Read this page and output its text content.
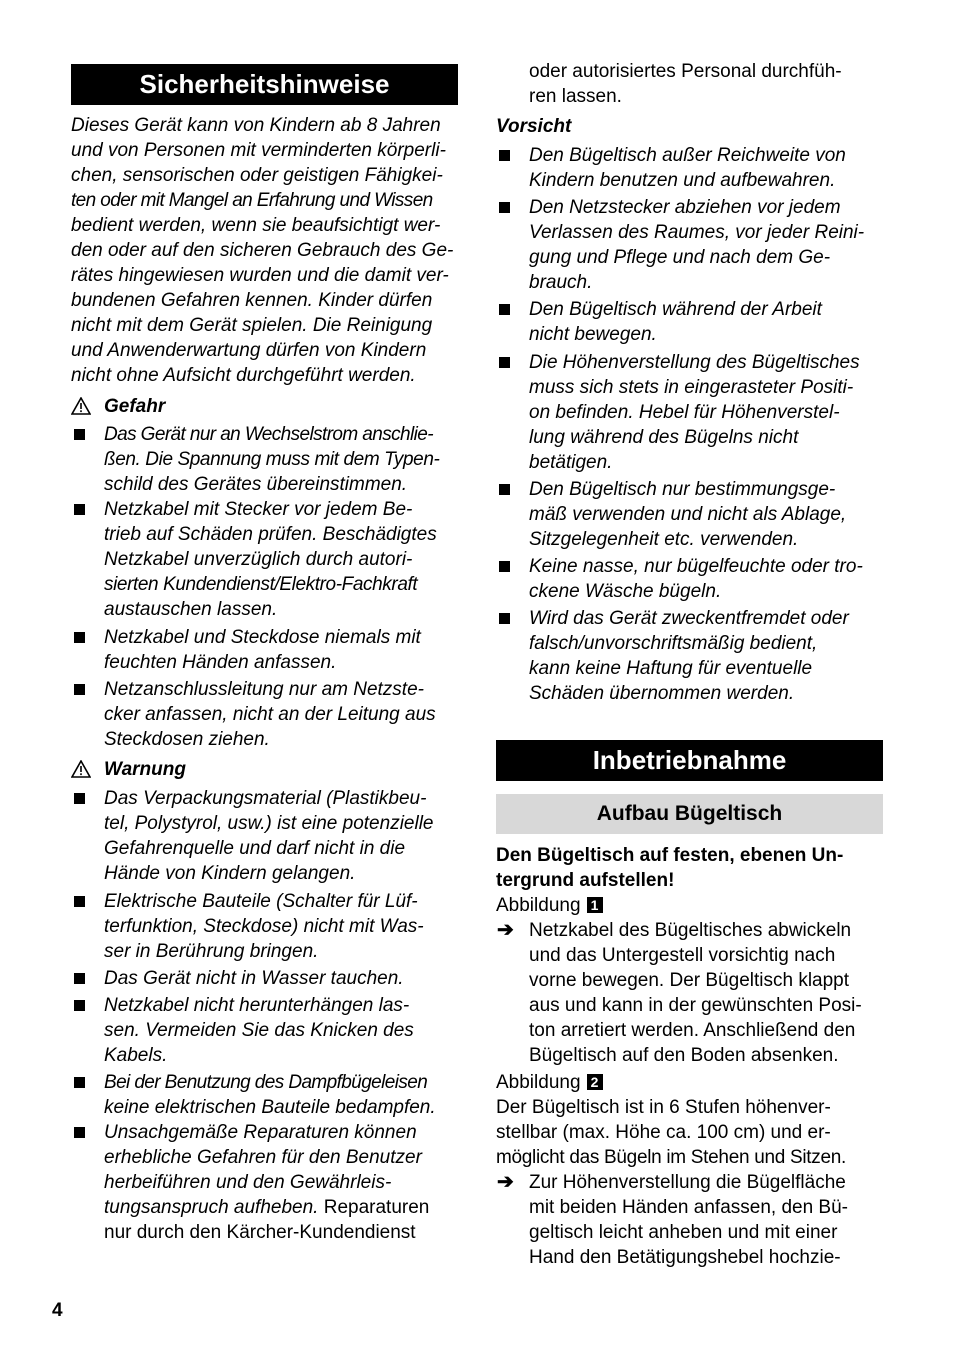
Sicherheitshinweise
Dieses Gerät kann von Kindern ab 8 Jahren
und von Personen mit verminderten körperli-
chen, sensorischen oder geistigen Fähigkei-
ten oder mit Mangel an Erfahrung und Wissen
bedient werden, wenn sie beaufsichtigt wer-
den oder auf den sicheren Gebrauch des Ge-
rätes hingewiesen wurden und die damit ver-
bundenen Gefahren kennen. Kinder dürfen
nicht mit dem Gerät spielen. Die Reinigung
und Anwenderwartung dürfen von Kindern
nicht ohne Aufsicht durchgeführt werden.
Gefahr
Das Gerät nur an Wechselstrom anschlie-
ßen. Die Spannung muss mit dem Typen-
schild des Gerätes übereinstimmen.
Netzkabel mit Stecker vor jedem Be-
trieb auf Schäden prüfen. Beschädigtes
Netzkabel unverzüglich durch autori-
sierten Kundendienst/Elektro-Fachkraft
austauschen lassen.
Netzkabel und Steckdose niemals mit
feuchten Händen anfassen.
Netzanschlussleitung nur am Netzste-
cker anfassen, nicht an der Leitung aus
Steckdosen ziehen.
Warnung
Das Verpackungsmaterial (Plastikbeu-
tel, Polystyrol, usw.) ist eine potenzielle
Gefahrenquelle und darf nicht in die
Hände von Kindern gelangen.
Elektrische Bauteile (Schalter für Lüf-
terfunktion, Steckdose) nicht mit Was-
ser in Berührung bringen.
Das Gerät nicht in Wasser tauchen.
Netzkabel nicht herunterhängen las-
sen. Vermeiden Sie das Knicken des
Kabels.
Bei der Benutzung des Dampfbügeleisen
keine elektrischen Bauteile bedampfen.
Unsachgemäße Reparaturen können
erhebliche Gefahren für den Benutzer
herbeiführen und den Gewährleis-
tungsanspruch aufheben. Reparaturen
nur durch den Kärcher-Kundendienst
oder autorisiertes Personal durchfüh-
ren lassen.
Vorsicht
Den Bügeltisch außer Reichweite von
Kindern benutzen und aufbewahren.
Den Netzstecker abziehen vor jedem
Verlassen des Raumes, vor jeder Reini-
gung und Pflege und nach dem Ge-
brauch.
Den Bügeltisch während der Arbeit
nicht bewegen.
Die Höhenverstellung des Bügeltisches
muss sich stets in eingerasteter Positi-
on befinden. Hebel für Höhenverstel-
lung während des Bügelns nicht
betätigen.
Den Bügeltisch nur bestimmungsge-
mäß verwenden und nicht als Ablage,
Sitzgelegenheit etc. verwenden.
Keine nasse, nur bügelfeuchte oder tro-
ckene Wäsche bügeln.
Wird das Gerät zweckentfremdet oder
falsch/unvorschriftsmäßig bedient,
kann keine Haftung für eventuelle
Schäden übernommen werden.
Inbetriebnahme
Aufbau Bügeltisch
Den Bügeltisch auf festen, ebenen Un-
tergrund aufstellen!
Abbildung 1
➔ Netzkabel des Bügeltisches abwickeln
und das Untergestell vorsichtig nach
vorne bewegen. Der Bügeltisch klappt
aus und kann in der gewünschten Posi-
ton arretiert werden. Anschließend den
Bügeltisch auf den Boden absenken.
Abbildung 2
Der Bügeltisch ist in 6 Stufen höhenver-
stellbar (max. Höhe ca. 100 cm) und er-
möglicht das Bügeln im Stehen und Sitzen.
➔ Zur Höhenverstellung die Bügelfläche
mit beiden Händen anfassen, den Bü-
geltisch leicht anheben und mit einer
Hand den Betätigungshebel hochzie-
4
